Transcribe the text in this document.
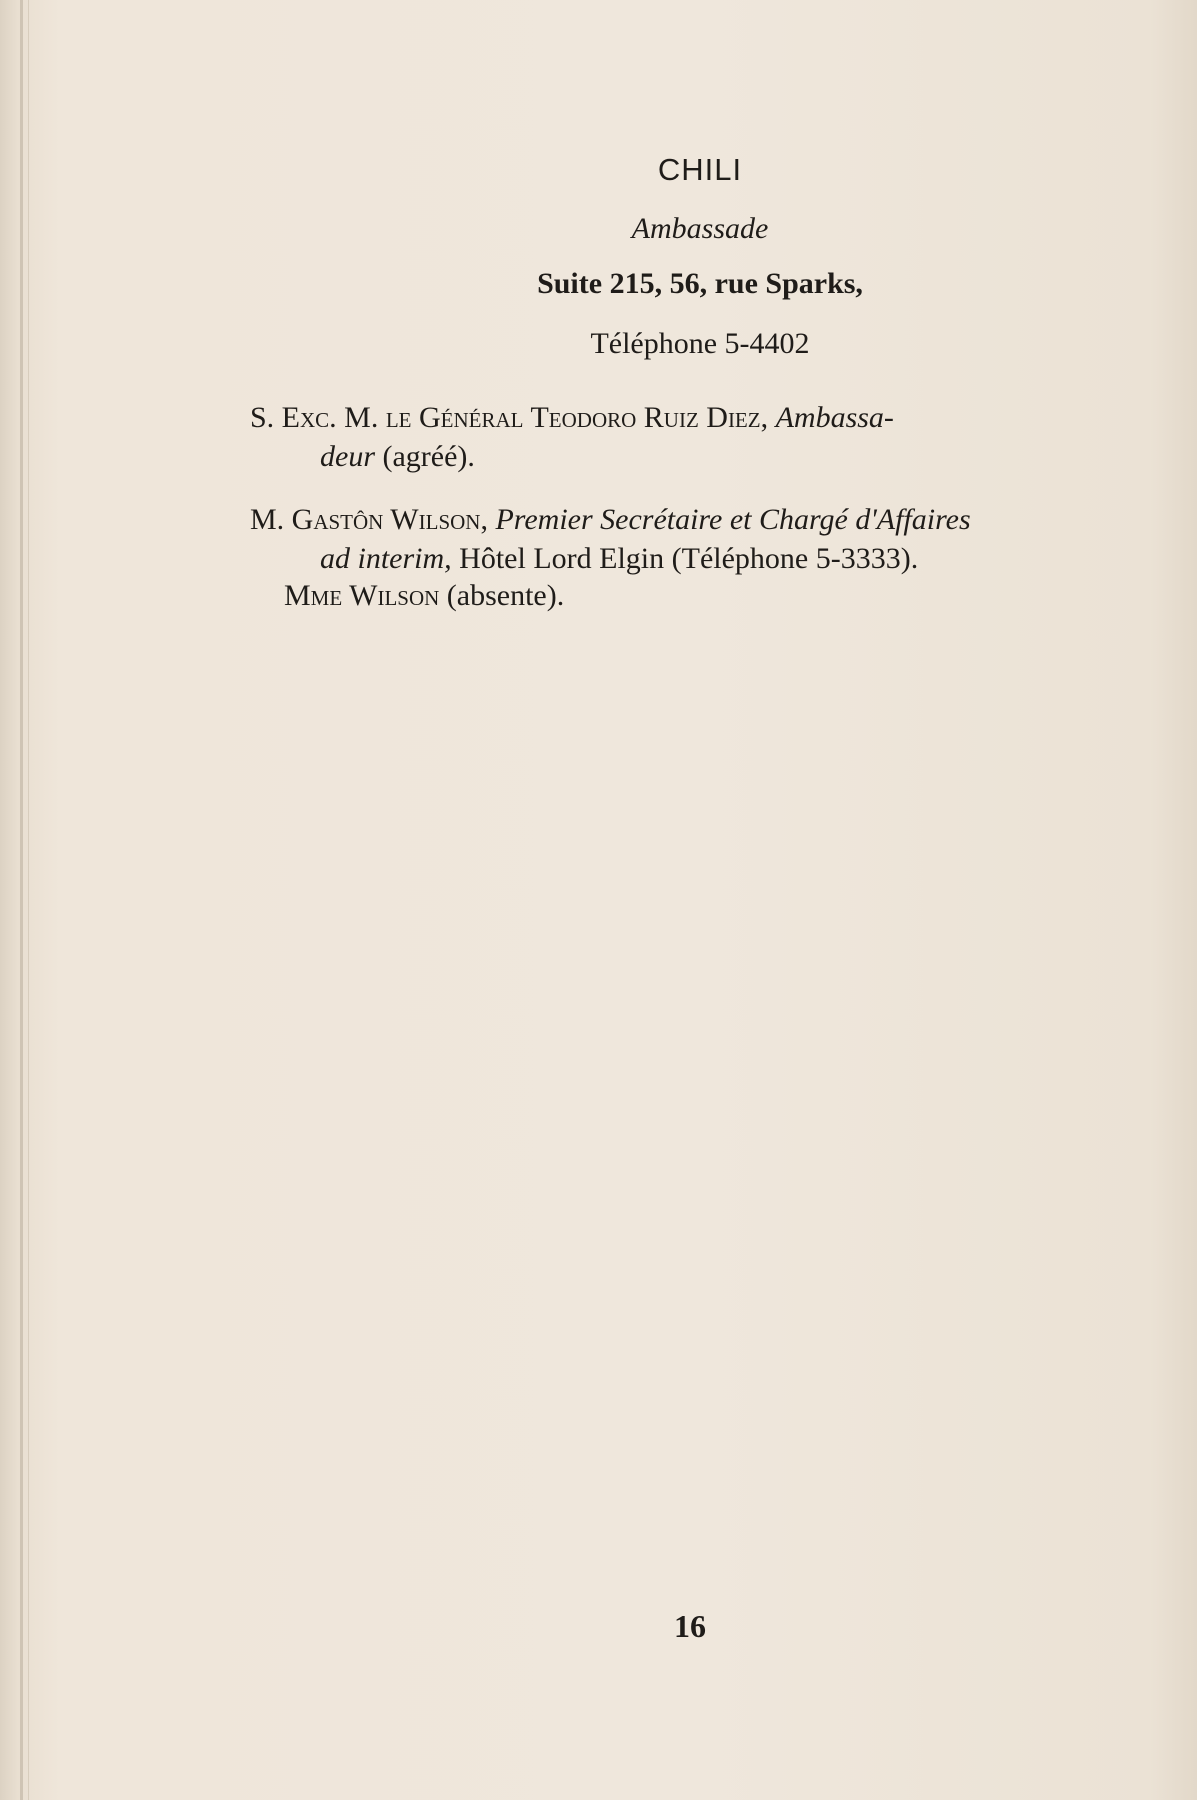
CHILI
Ambassade
Suite 215, 56, rue Sparks,
Téléphone 5-4402
S. Exc. M. le Général Teodoro Ruiz Diez, Ambassa-
deur (agréé).
M. Gastôn Wilson, Premier Secrétaire et Chargé d'Affaires
ad interim, Hôtel Lord Elgin (Téléphone 5-3333).
Mme Wilson (absente).
16
